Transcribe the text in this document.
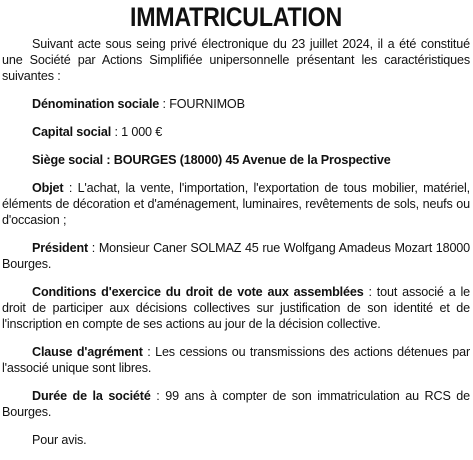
IMMATRICULATION

Suivant acte sous seing privé électronique du 23 juillet 2024, il a été constitué une Société par Actions Simplifiée unipersonnelle présentant les caractéristiques suivantes :

Dénomination sociale : FOURNIMOB

Capital social : 1 000 €

Siège social : BOURGES (18000) 45 Avenue de la Prospective

Objet : L'achat, la vente, l'importation, l'exportation de tous mobilier, matériel, éléments de décoration et d'aménagement, luminaires, revêtements de sols, neufs ou d'occasion ;

Président : Monsieur Caner SOLMAZ 45 rue Wolfgang Amadeus Mozart 18000 Bourges.

Conditions d'exercice du droit de vote aux assemblées : tout associé a le droit de participer aux décisions collectives sur justification de son identité et de l'inscription en compte de ses actions au jour de la décision collective.

Clause d'agrément : Les cessions ou transmissions des actions détenues par l'associé unique sont libres.

Durée de la société : 99 ans à compter de son immatriculation au RCS de Bourges.

Pour avis.
